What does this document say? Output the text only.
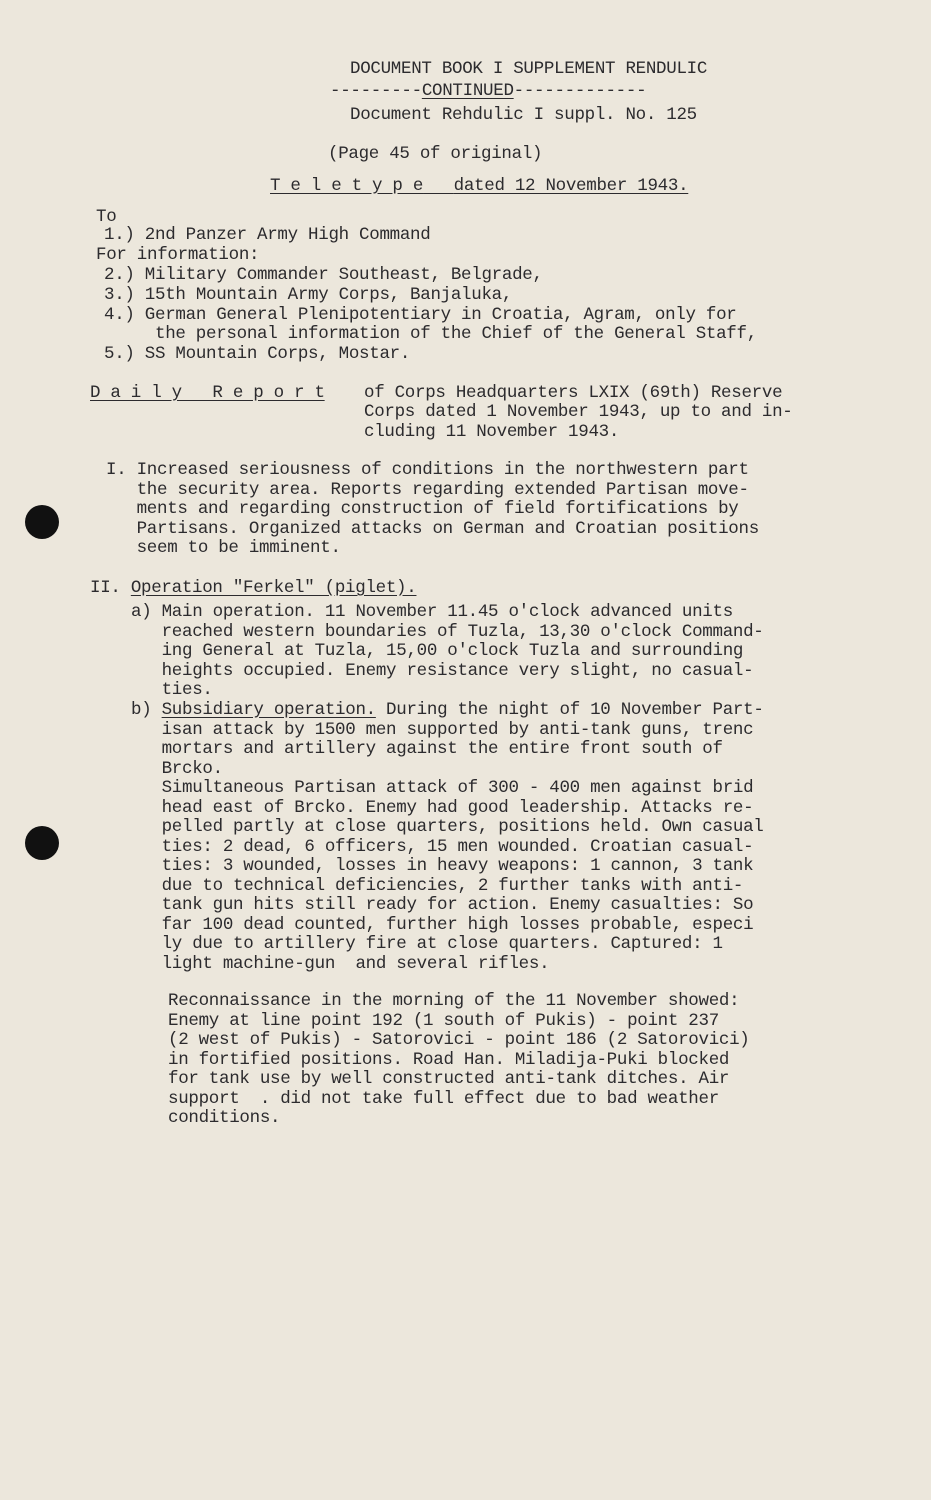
DOCUMENT BOOK I SUPPLEMENT RENDULIC
---------CONTINUED-------------
Document Rehdulic I suppl. No. 125
(Page 45 of original)
T e l e t y p e dated 12 November 1943.
To
1.) 2nd Panzer Army High Command
For information:
2.) Military Commander Southeast, Belgrade,
3.) 15th Mountain Army Corps, Banjaluka,
4.) German General Plenipotentiary in Croatia, Agram, only for
the personal information of the Chief of the General Staff,
5.) SS Mountain Corps, Mostar.
D a i l y   R e p o r t of Corps Headquarters LXIX (69th) Reserve
Corps dated 1 November 1943, up to and in-
cluding 11 November 1943.
I. Increased seriousness of conditions in the northwestern part
the security area. Reports regarding extended Partisan move-
ments and regarding construction of field fortifications by
Partisans. Organized attacks on German and Croatian positions
seem to be imminent.
II. Operation "Ferkel" (piglet).
a) Main operation. 11 November 11.45 o'clock advanced units
reached western boundaries of Tuzla, 13,30 o'clock Command-
ing General at Tuzla, 15,00 o'clock Tuzla and surrounding
heights occupied. Enemy resistance very slight, no casual-
ties.
b) Subsidiary operation. During the night of 10 November Part-
isan attack by 1500 men supported by anti-tank guns, trenc
mortars and artillery against the entire front south of
Brcko.
Simultaneous Partisan attack of 300 - 400 men against brid
head east of Brcko. Enemy had good leadership. Attacks re-
pelled partly at close quarters, positions held. Own casual
ties: 2 dead, 6 officers, 15 men wounded. Croatian casual-
ties: 3 wounded, losses in heavy weapons: 1 cannon, 3 tank
due to technical deficiencies, 2 further tanks with anti-
tank gun hits still ready for action. Enemy casualties: So
far 100 dead counted, further high losses probable, especi
ly due to artillery fire at close quarters. Captured: 1
light machine-gun  and several rifles.
Reconnaissance in the morning of the 11 November showed:
Enemy at line point 192 (1 south of Pukis) - point 237
(2 west of Pukis) - Satorovici - point 186 (2 Satorovici)
in fortified positions. Road Han. Miladija-Puki blocked
for tank use by well constructed anti-tank ditches. Air
support  . did not take full effect due to bad weather
conditions.
